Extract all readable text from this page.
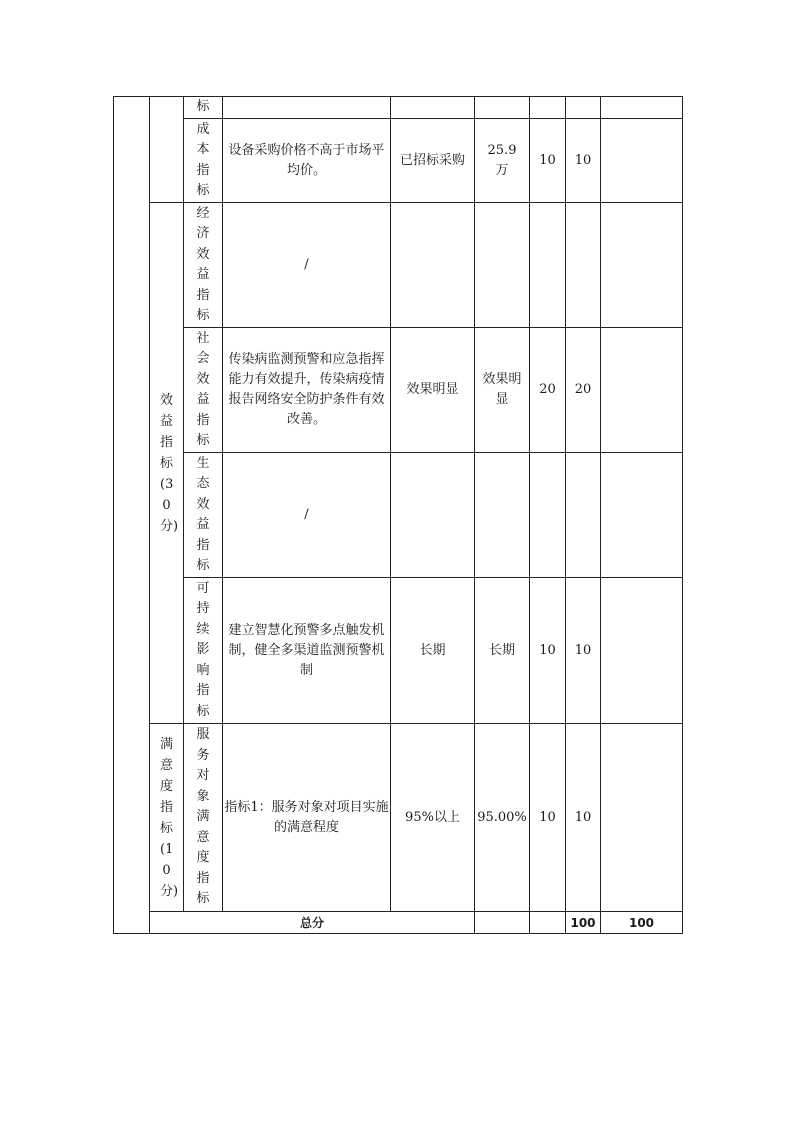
		标							

		成本指标	设备采购价格不高于市场平均价。	已招标采购	25.9万	10	10		

	效益指标(30分)	经济效益指标	/						

		社会效益指标	传染病监测预警和应急指挥能力有效提升，传染病疫情报告网络安全防护条件有效改善。	效果明显	效果明显	20	20		

		生态效益指标	/						

		可持续影响指标	建立智慧化预警多点触发机制，健全多渠道监测预警机制	长期	长期	10	10		

	满意度指标(10分)	服务对象满意度指标	指标1：服务对象对项目实施的满意程度	95%以上	95.00%	10	10		
	总分						100	100	
